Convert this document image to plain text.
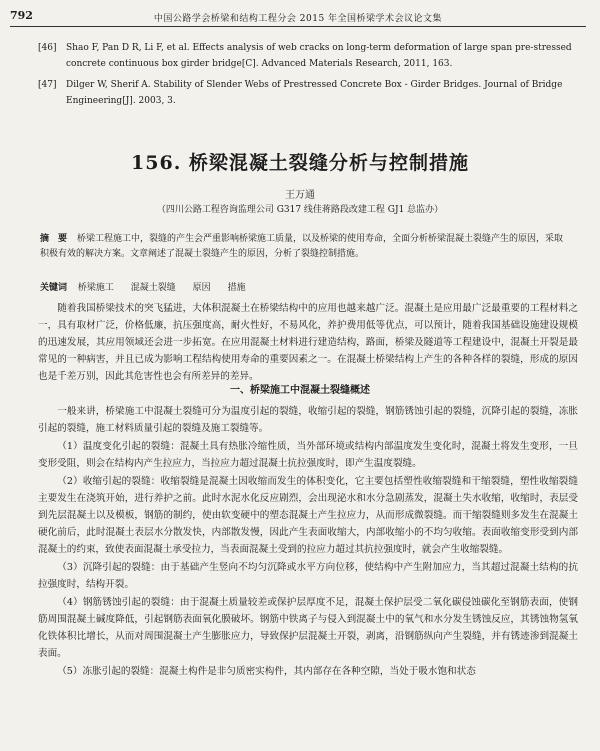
792	中国公路学会桥梁和结构工程分会 2015 年全国桥梁学术会议论文集
[46] Shao F, Pan D R, Li F, et al. Effects analysis of web cracks on long-term deformation of large span pre-stressed concrete continuous box girder bridge[C]. Advanced Materials Research, 2011, 163.
[47] Dilger W, Sherif A. Stability of Slender Webs of Prestressed Concrete Box - Girder Bridges. Journal of Bridge Engineering[J]. 2003, 3.
156. 桥梁混凝土裂缝分析与控制措施
王万通
（四川公路工程咨询监理公司 G317 线佳蒋路段改建工程 GJ1 总监办）
摘　要 桥梁工程施工中，裂缝的产生会严重影响桥梁施工质量，以及桥梁的使用寿命，全面分析桥梁混凝土裂缝产生的原因，采取积极有效的解决方案。文章阐述了混凝土裂缝产生的原因，分析了裂缝控制措施。
关键词 桥梁施工 混凝土裂缝 原因 措施

随着我国桥梁技术的突飞猛进，大体积混凝土在桥梁结构中的应用也越来越广泛。混凝土是应用最广泛最重要的工程材料之一，具有取材广泛，价格低廉，抗压强度高，耐火性好，不易风化，养护费用低等优点，可以预计，随着我国基础设施建设规模的迅速发展，其应用领域还会进一步拓宽。在应用混凝土材料进行建造结构，路面，桥梁及隧道等工程建设中，混凝土开裂是最常见的一种病害，并且已成为影响工程结构使用寿命的重要因素之一。在混凝土桥梁结构上产生的各种各样的裂缝，形成的原因也是千差万别，因此其危害性也会有所差异的差异。

一、桥梁施工中混凝土裂缝概述

一般来讲，桥梁施工中混凝土裂缝可分为温度引起的裂缝，收缩引起的裂缝，钢筋锈蚀引起的裂缝，沉降引起的裂缝，冻胀引起的裂缝，施工材料质量引起的裂缝及施工裂缝等。

（1）温度变化引起的裂缝：混凝土具有热胀冷缩性质，当外部环境或结构内部温度发生变化时，混凝土将发生变形，一旦变形受阻，则会在结构内产生拉应力，当拉应力超过混凝土抗拉强度时，即产生温度裂缝。

（2）收缩引起的裂缝：收缩裂缝是混凝土因收缩而发生的体积变化，它主要包括塑性收缩裂缝和干缩裂缝，塑性收缩裂缝主要发生在浇筑开始，进行养护之前。此时水泥水化反应剧烈，会出现泌水和水分急剧蒸发，混凝土失水收缩，收缩时，表层受到先层混凝土以及模板，钢筋的制约，使由软变硬中的塑态混凝土产生拉应力，从而形成微裂缝。而干缩裂缝则多发生在混凝土硬化前后，此时混凝土表层水分散发快，内部散发慢，因此产生表面收缩大，内部收缩小的不均匀收缩。表面收缩变形受到内部混凝土的约束，致使表面混凝土承受拉力，当表面混凝土受到的拉应力超过其抗拉强度时，就会产生收缩裂缝。

（3）沉降引起的裂缝：由于基础产生竖向不均匀沉降或水平方向位移，使结构中产生附加应力，当其超过混凝土结构的抗拉强度时，结构开裂。

（4）钢筋锈蚀引起的裂缝：由于混凝土质量较差或保护层厚度不足，混凝土保护层受二氧化碳侵蚀碳化至钢筋表面，使钢筋周围混凝土碱度降低，引起钢筋表面氧化膜破坏。钢筋中铁离子与侵入到混凝土中的氧气和水分发生锈蚀反应，其锈蚀物氢氧化铁体积比增长，从而对周围混凝土产生膨胀应力，导致保护层混凝土开裂，剥离，沿钢筋纵向产生裂缝，并有锈迹渗到混凝土表面。

（5）冻胀引起的裂缝：混凝土构件是非匀质密实构件，其内部存在各种空隙，当处于吸水饱和状态
